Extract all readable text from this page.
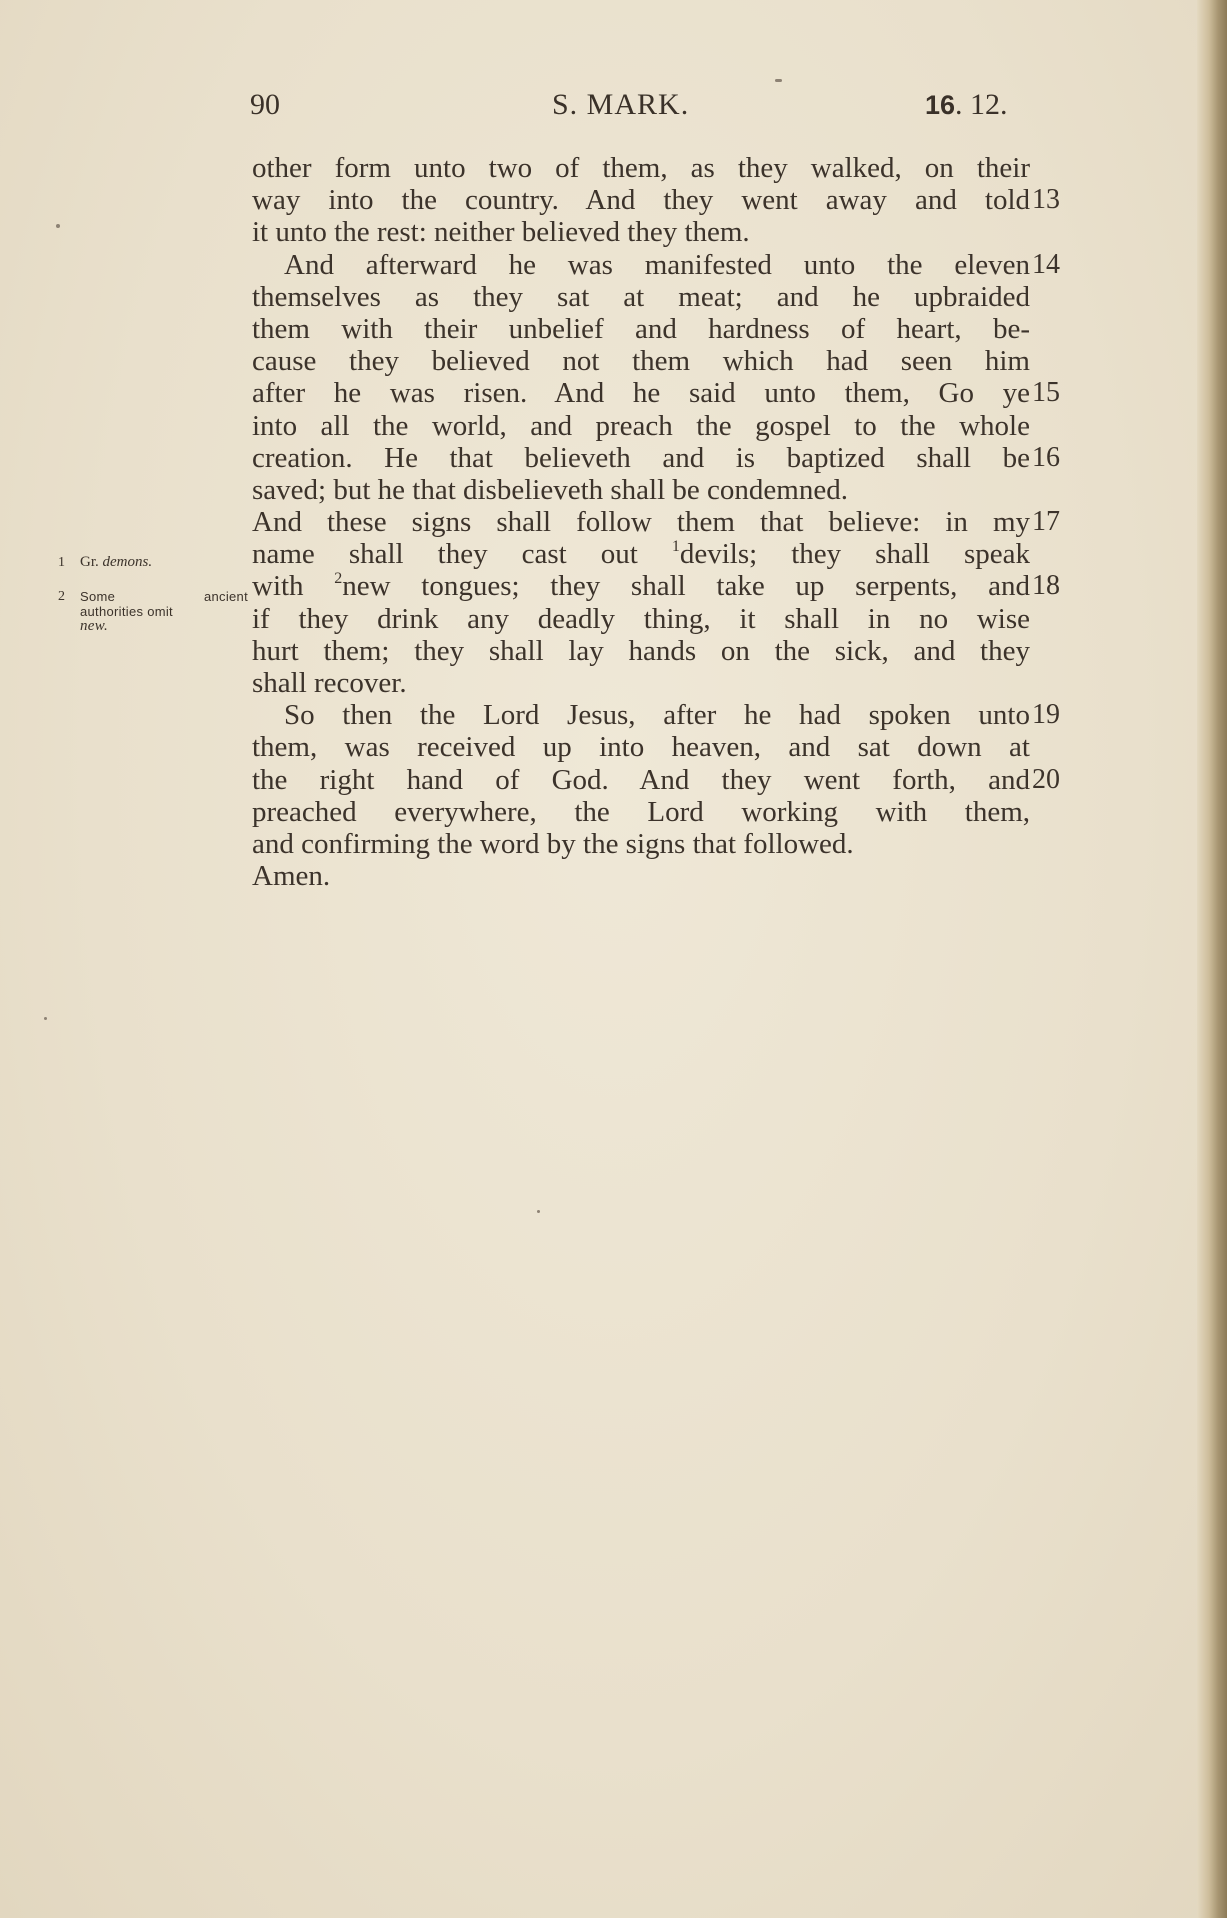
90	S. MARK.	16. 12.
other form unto two of them, as they walked, on their
way into the country. And they went away and told 13
it unto the rest: neither believed they them.
And afterward he was manifested unto the eleven 14
themselves as they sat at meat; and he upbraided
them with their unbelief and hardness of heart, be-
cause they believed not them which had seen him
after he was risen. And he said unto them, Go ye 15
into all the world, and preach the gospel to the whole
creation. He that believeth and is baptized shall be 16
saved; but he that disbelieveth shall be condemned.
And these signs shall follow them that believe: in my 17
name shall they cast out $^1$devils; they shall speak
with $^2$new tongues; they shall take up serpents, and 18
if they drink any deadly thing, it shall in no wise
hurt them; they shall lay hands on the sick, and they
shall recover.
So then the Lord Jesus, after he had spoken unto 19
them, was received up into heaven, and sat down at
the right hand of God. And they went forth, and 20
preached everywhere, the Lord working with them,
and confirming the word by the signs that followed.
Amen.
1 Gr. demons.
2 Some ancient
authorities omit
new.
